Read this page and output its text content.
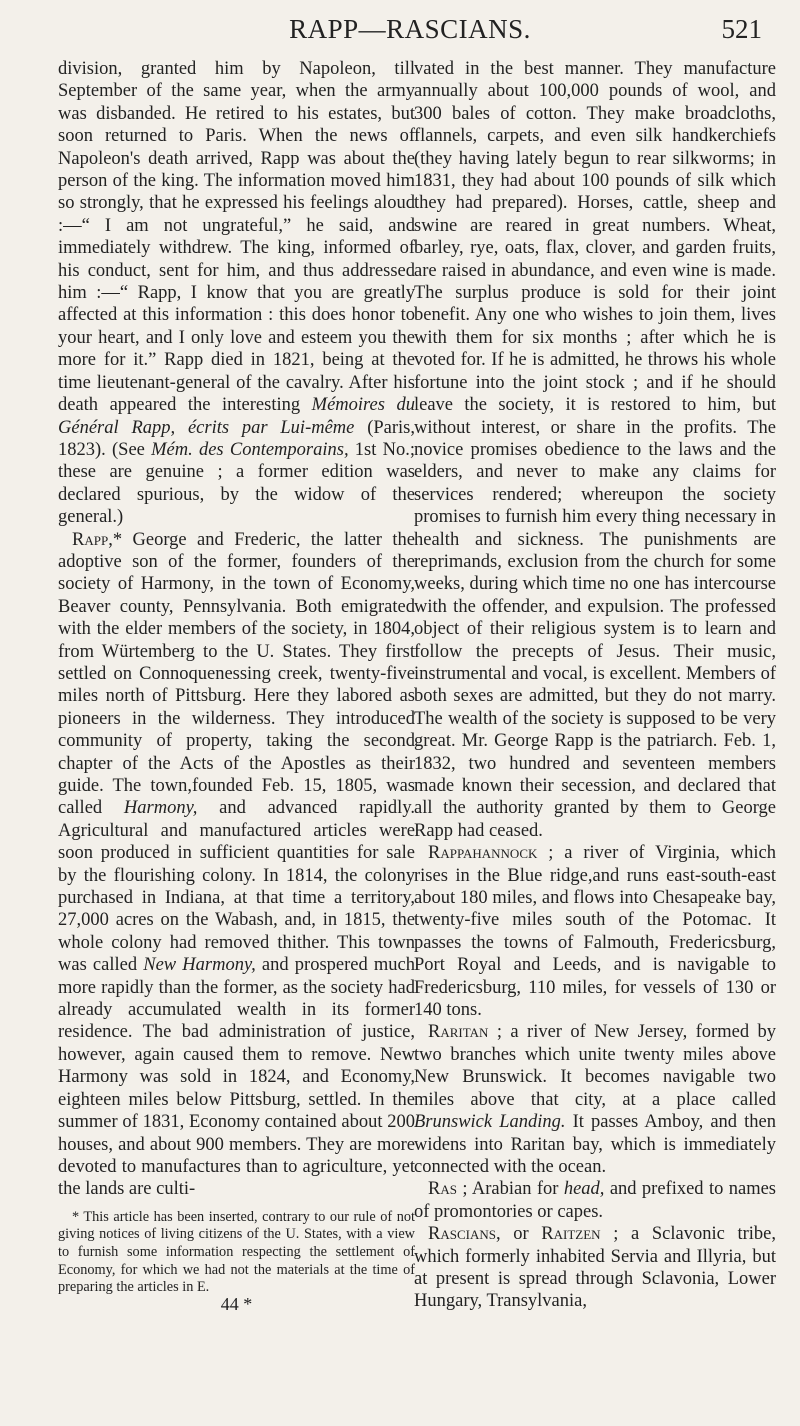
RAPP—RASCIANS.	521

division, granted him by Napoleon, till September of the same year, when the army was disbanded. He retired to his estates, but soon returned to Paris. When the news of Napoleon's death arrived, Rapp was about the person of the king. The information moved him so strongly, that he expressed his feelings aloud :—“ I am not ungrateful,” he said, and immediately withdrew. The king, informed of his conduct, sent for him, and thus addressed him :—“ Rapp, I know that you are greatly affected at this information : this does honor to your heart, and I only love and esteem you the more for it.” Rapp died in 1821, being at the time lieutenant-general of the cavalry. After his death appeared the interesting Mémoires du Général Rapp, écrits par Lui-même (Paris, 1823). (See Mém. des Contemporains, 1st No.; these are genuine ; a former edition was declared spurious, by the widow of the general.)

Rapp,* George and Frederic, the latter the adoptive son of the former, founders of the society of Harmony, in the town of Economy, Beaver county, Pennsylvania. Both emigrated with the elder members of the society, in 1804, from Würtemberg to the U. States. They first settled on Connoquenessing creek, twenty-five miles north of Pittsburg. Here they labored as pioneers in the wilderness. They introduced community of property, taking the second chapter of the Acts of the Apostles as their guide. The town,founded Feb. 15, 1805, was called Harmony, and advanced rapidly. Agricultural and manufactured articles were soon produced in sufficient quantities for sale by the flourishing colony. In 1814, the colony purchased in Indiana, at that time a territory, 27,000 acres on the Wabash, and, in 1815, the whole colony had removed thither. This town was called New Harmony, and prospered much more rapidly than the former, as the society had already accumulated wealth in its former residence. The bad administration of justice, however, again caused them to remove. New Harmony was sold in 1824, and Economy, eighteen miles below Pittsburg, settled. In the summer of 1831, Economy contained about 200 houses, and about 900 members. They are more devoted to manufactures than to agriculture, yet the lands are culti-

* This article has been inserted, contrary to our rule of not giving notices of living citizens of the U. States, with a view to furnish some information respecting the settlement of Economy, for which we had not the materials at the time of preparing the articles in E.

44 *

vated in the best manner. They manufacture annually about 100,000 pounds of wool, and 300 bales of cotton. They make broadcloths, flannels, carpets, and even silk handkerchiefs (they having lately begun to rear silkworms; in 1831, they had about 100 pounds of silk which they had prepared). Horses, cattle, sheep and swine are reared in great numbers. Wheat, barley, rye, oats, flax, clover, and garden fruits, are raised in abundance, and even wine is made. The surplus produce is sold for their joint benefit. Any one who wishes to join them, lives with them for six months ; after which he is voted for. If he is admitted, he throws his whole fortune into the joint stock ; and if he should leave the society, it is restored to him, but without interest, or share in the profits. The novice promises obedience to the laws and the elders, and never to make any claims for services rendered; whereupon the society promises to furnish him every thing necessary in health and sickness. The punishments are reprimands, exclusion from the church for some weeks, during which time no one has intercourse with the offender, and expulsion. The professed object of their religious system is to learn and follow the precepts of Jesus. Their music, instrumental and vocal, is excellent. Members of both sexes are admitted, but they do not marry. The wealth of the society is supposed to be very great. Mr. George Rapp is the patriarch. Feb. 1, 1832, two hundred and seventeen members made known their secession, and declared that all the authority granted by them to George Rapp had ceased.

Rappahannock ; a river of Virginia, which rises in the Blue ridge,and runs east-south-east about 180 miles, and flows into Chesapeake bay, twenty-five miles south of the Potomac. It passes the towns of Falmouth, Fredericsburg, Port Royal and Leeds, and is navigable to Fredericsburg, 110 miles, for vessels of 130 or 140 tons.

Raritan ; a river of New Jersey, formed by two branches which unite twenty miles above New Brunswick. It becomes navigable two miles above that city, at a place called Brunswick Landing. It passes Amboy, and then widens into Raritan bay, which is immediately connected with the ocean.

Ras ; Arabian for head, and prefixed to names of promontories or capes.

Rascians, or Raitzen ; a Sclavonic tribe, which formerly inhabited Servia and Illyria, but at present is spread through Sclavonia, Lower Hungary, Transylvania,
